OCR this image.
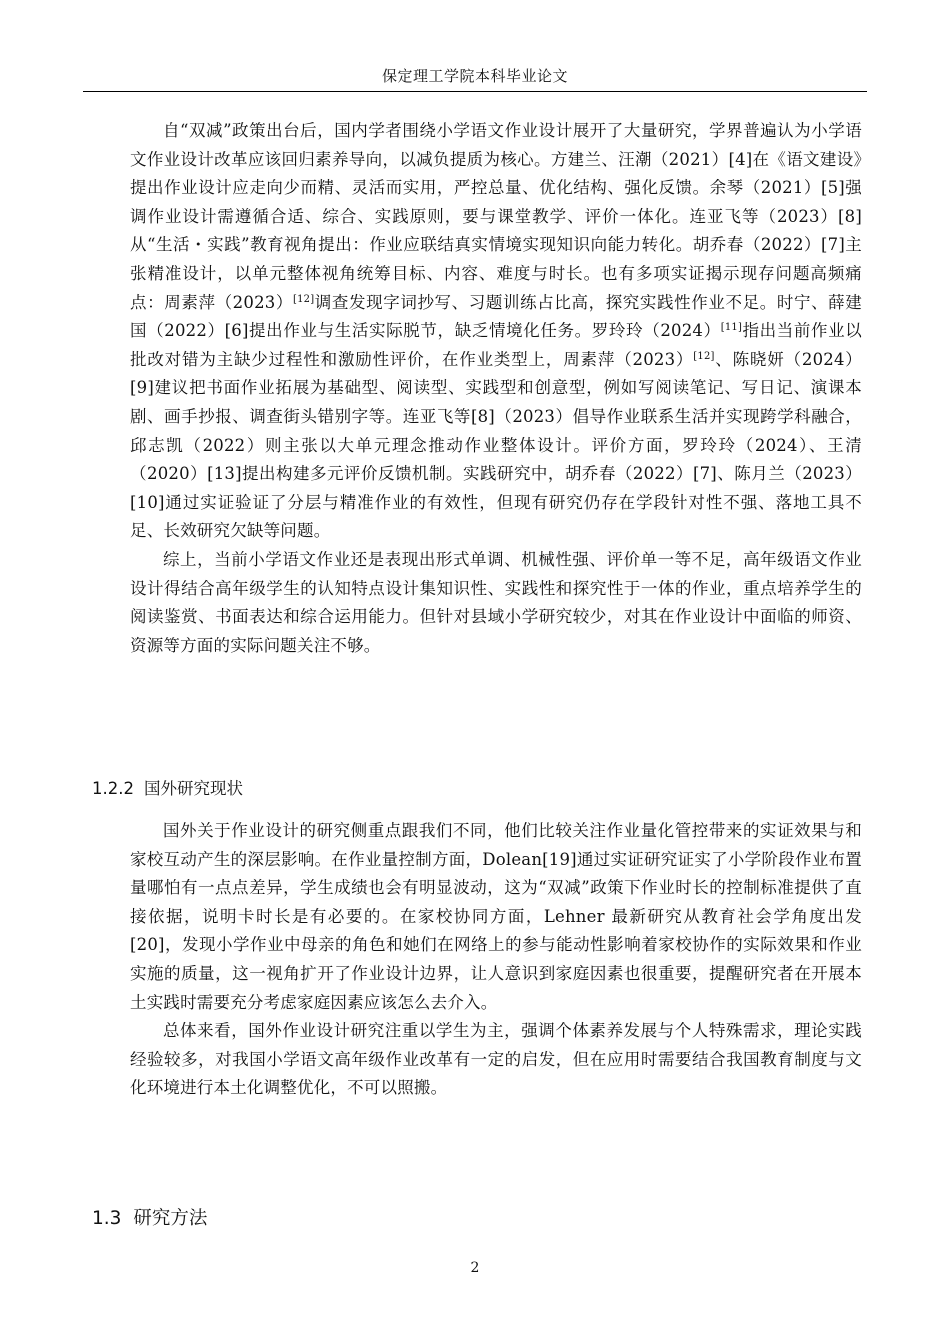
保定理工学院本科毕业论文

自“双减”政策出台后，国内学者围绕小学语文作业设计展开了大量研究，学界普遍认为小学语文作业设计改革应该回归素养导向，以减负提质为核心。方建兰、汪潮（2021）[4]在《语文建设》提出作业设计应走向少而精、灵活而实用，严控总量、优化结构、强化反馈。余琴（2021）[5]强调作业设计需遵循合适、综合、实践原则，要与课堂教学、评价一体化。连亚飞等（2023）[8]从“生活・实践”教育视角提出：作业应联结真实情境实现知识向能力转化。胡乔春（2022）[7]主张精准设计，以单元整体视角统筹目标、内容、难度与时长。也有多项实证揭示现存问题高频痛点：周素萍（2023）[12]调查发现字词抄写、习题训练占比高，探究实践性作业不足。时宁、薛建国（2022）[6]提出作业与生活实际脱节，缺乏情境化任务。罗玲玲（2024）[11]指出当前作业以批改对错为主缺少过程性和激励性评价，在作业类型上，周素萍（2023）[12]、陈晓妍（2024）[9]建议把书面作业拓展为基础型、阅读型、实践型和创意型，例如写阅读笔记、写日记、演课本剧、画手抄报、调查街头错别字等。连亚飞等[8]（2023）倡导作业联系生活并实现跨学科融合，邱志凯（2022）则主张以大单元理念推动作业整体设计。评价方面，罗玲玲（2024）、王清（2020）[13]提出构建多元评价反馈机制。实践研究中，胡乔春（2022）[7]、陈月兰（2023）[10]通过实证验证了分层与精准作业的有效性，但现有研究仍存在学段针对性不强、落地工具不足、长效研究欠缺等问题。

综上，当前小学语文作业还是表现出形式单调、机械性强、评价单一等不足，高年级语文作业设计得结合高年级学生的认知特点设计集知识性、实践性和探究性于一体的作业，重点培养学生的阅读鉴赏、书面表达和综合运用能力。但针对县域小学研究较少，对其在作业设计中面临的师资、资源等方面的实际问题关注不够。

1.2.2 国外研究现状

国外关于作业设计的研究侧重点跟我们不同，他们比较关注作业量化管控带来的实证效果与和家校互动产生的深层影响。在作业量控制方面，Dolean[19]通过实证研究证实了小学阶段作业布置量哪怕有一点点差异，学生成绩也会有明显波动，这为“双减”政策下作业时长的控制标准提供了直接依据，说明卡时长是有必要的。在家校协同方面，Lehner 最新研究从教育社会学角度出发[20]，发现小学作业中母亲的角色和她们在网络上的参与能动性影响着家校协作的实际效果和作业实施的质量，这一视角扩开了作业设计边界，让人意识到家庭因素也很重要，提醒研究者在开展本土实践时需要充分考虑家庭因素应该怎么去介入。

总体来看，国外作业设计研究注重以学生为主，强调个体素养发展与个人特殊需求，理论实践经验较多，对我国小学语文高年级作业改革有一定的启发，但在应用时需要结合我国教育制度与文化环境进行本土化调整优化，不可以照搬。

1.3 研究方法
2
